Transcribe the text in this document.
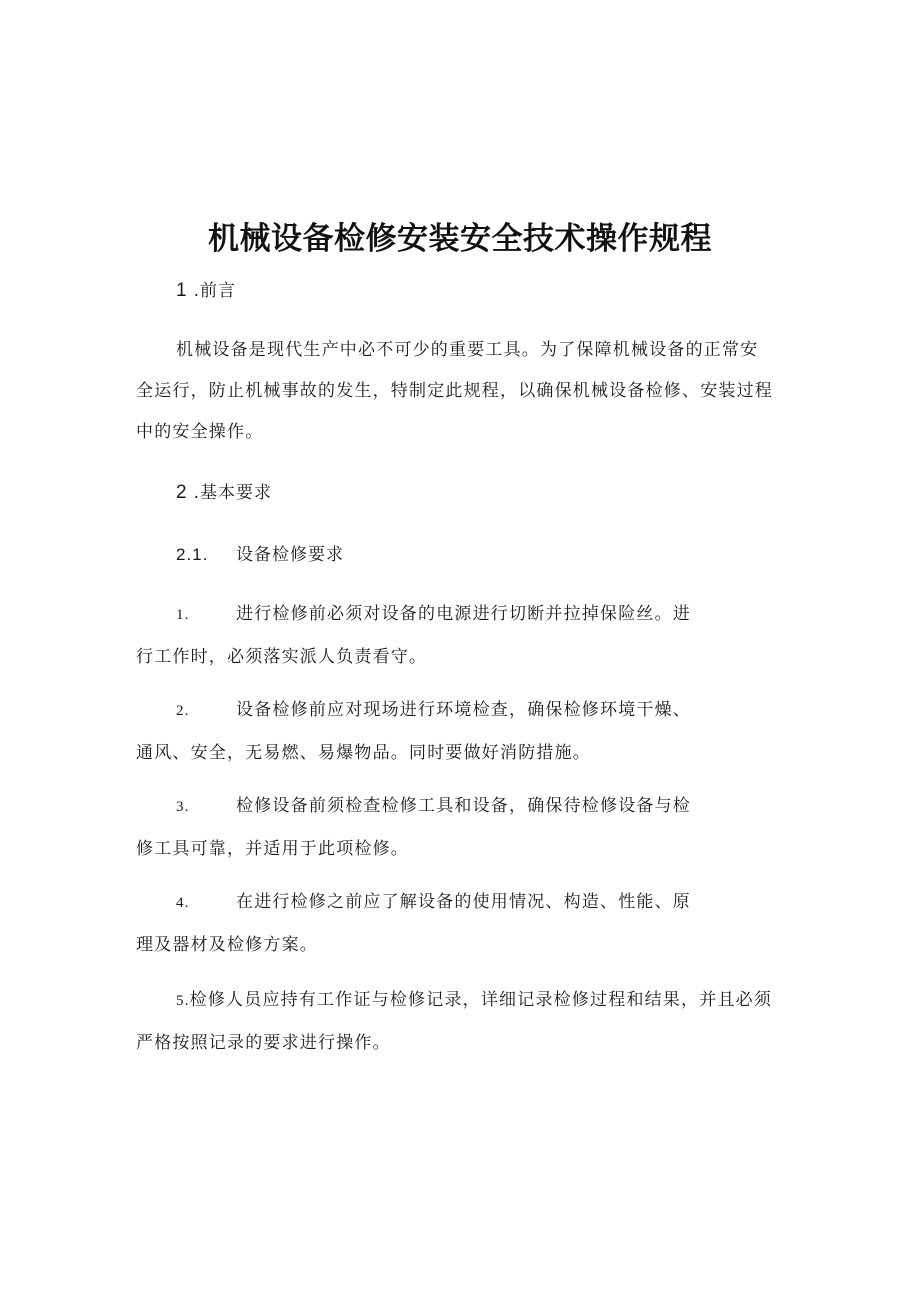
机械设备检修安装安全技术操作规程
1 .前言
机械设备是现代生产中必不可少的重要工具。为了保障机械设备的正常安全运行，防止机械事故的发生，特制定此规程，以确保机械设备检修、安装过程中的安全操作。
2 .基本要求
2.1. 设备检修要求
1.	进行检修前必须对设备的电源进行切断并拉掉保险丝。进
行工作时，必须落实派人负责看守。
2.	设备检修前应对现场进行环境检查，确保检修环境干燥、
通风、安全，无易燃、易爆物品。同时要做好消防措施。
3.	检修设备前须检查检修工具和设备，确保待检修设备与检
修工具可靠，并适用于此项检修。
4.	在进行检修之前应了解设备的使用情况、构造、性能、原
理及器材及检修方案。
5.检修人员应持有工作证与检修记录，详细记录检修过程和结果，并且必须严格按照记录的要求进行操作。
